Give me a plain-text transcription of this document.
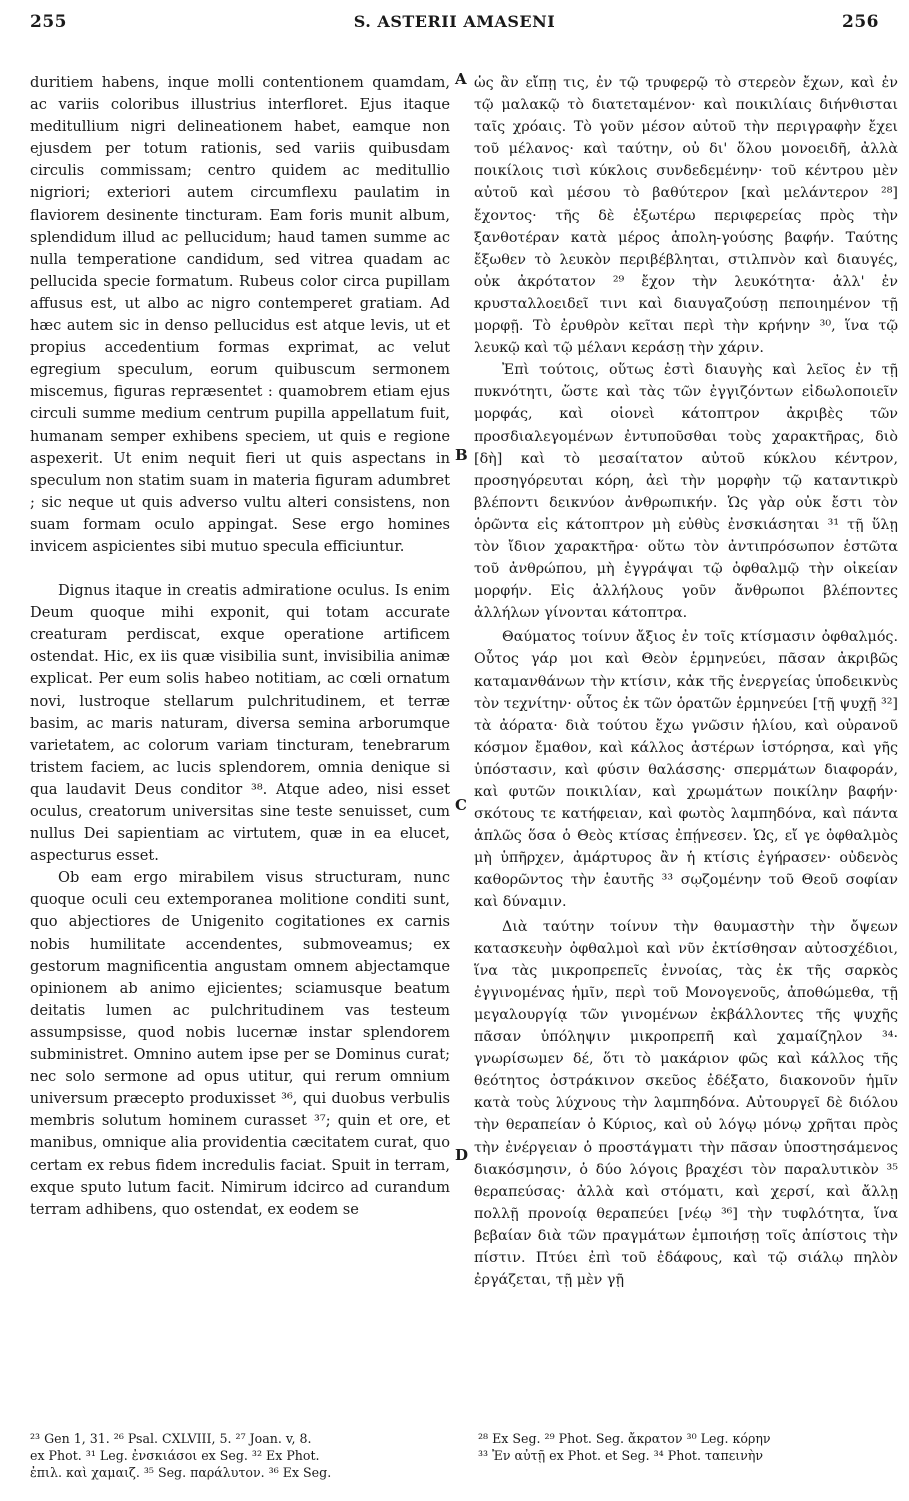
255	S. ASTERII AMASENI	256
A
B
C
D

duritiem habens, inque molli contentionem quamdam, ac variis coloribus illustrius interfloret. Ejus itaque meditullium nigri delineationem habet, eamque non ejusdem per totum rationis, sed variis quibusdam circulis commissam; centro quidem ac meditullio nigriori; exteriori autem circumflexu paulatim in flaviorem desinente tincturam. Eam foris munit album, splendidum illud ac pellucidum; haud tamen summe ac nulla temperatione candidum, sed vitrea quadam ac pellucida specie formatum. Rubeus color circa pupillam affusus est, ut albo ac nigro contemperet gratiam. Ad hæc autem sic in denso pellucidus est atque levis, ut et propius accedentium formas exprimat, ac velut egregium speculum, eorum quibuscum sermonem miscemus, figuras repræsentet : quamobrem etiam ejus circuli summe medium centrum pupilla appellatum fuit, humanam semper exhibens speciem, ut quis e regione aspexerit. Ut enim nequit fieri ut quis aspectans in speculum non statim suam in materia figuram adumbret ; sic neque ut quis adverso vultu alteri consistens, non suam formam oculo appingat. Sese ergo homines invicem aspicientes sibi mutuo specula efficiuntur.

Dignus itaque in creatis admiratione oculus. Is enim Deum quoque mihi exponit, qui totam accurate creaturam perdiscat, exque operatione artificem ostendat. Hic, ex iis quæ visibilia sunt, invisibilia animæ explicat. Per eum solis habeo notitiam, ac cœli ornatum novi, lustroque stellarum pulchritudinem, et terræ basim, ac maris naturam, diversa semina arborumque varietatem, ac colorum variam tincturam, tenebrarum tristem faciem, ac lucis splendorem, omnia denique si qua laudavit Deus conditor ³⁸. Atque adeo, nisi esset oculus, creatorum universitas sine teste senuisset, cum nullus Dei sapientiam ac virtutem, quæ in ea elucet, aspecturus esset.

Ob eam ergo mirabilem visus structuram, nunc quoque oculi ceu extemporanea molitione conditi sunt, quo abjectiores de Unigenito cogitationes ex carnis nobis humilitate accendentes, submoveamus; ex gestorum magnificentia angustam omnem abjectamque opinionem ab animo ejicientes; sciamusque beatum deitatis lumen ac pulchritudinem vas testeum assumpsisse, quod nobis lucernæ instar splendorem subministret. Omnino autem ipse per se Dominus curat; nec solo sermone ad opus utitur, qui rerum omnium universum præcepto produxisset ³⁶, qui duobus verbulis membris solutum hominem curasset ³⁷; quin et ore, et manibus, omnique alia providentia cæcitatem curat, quo certam ex rebus fidem incredulis faciat. Spuit in terram, exque sputo lutum facit. Nimirum idcirco ad curandum terram adhibens, quo ostendat, ex eodem se

ὡς ἂν εἴπῃ τις, ἐν τῷ τρυφερῷ τὸ στερεὸν ἔχων, καὶ ἐν τῷ μαλακῷ τὸ διατεταμένον· καὶ ποικιλίαις διήνθισται ταῖς χρόαις. Τὸ γοῦν μέσον αὐτοῦ τὴν περιγραφὴν ἔχει τοῦ μέλανος· καὶ ταύτην, οὐ δι' ὅλου μονοειδῆ, ἀλλὰ ποικίλοις τισὶ κύκλοις συνδεδεμένην· τοῦ κέντρου μὲν αὐτοῦ καὶ μέσου τὸ βαθύτερον [καὶ μελάντερον ²⁸] ἔχοντος· τῆς δὲ ἐξωτέρω περιφερείας πρὸς τὴν ξανθοτέραν κατὰ μέρος ἀπολη‐γούσης βαφήν. Ταύτης ἔξωθεν τὸ λευκὸν περιβέβληται, στιλπνὸν καὶ διαυγές, οὐκ ἀκρότατον ²⁹ ἔχον τὴν λευκότητα· ἀλλ' ἐν κρυσταλλοειδεῖ τινι καὶ διαυγαζούσῃ πεποιημένον τῇ μορφῇ. Τὸ ἐρυθρὸν κεῖται περὶ τὴν κρήνην ³⁰, ἵνα τῷ λευκῷ καὶ τῷ μέλανι κεράσῃ τὴν χάριν.

Ἐπὶ τούτοις, οὕτως ἐστὶ διαυγὴς καὶ λεῖος ἐν τῇ πυκνότητι, ὥστε καὶ τὰς τῶν ἐγγιζόντων εἰδωλοποιεῖν μορφάς, καὶ οἱονεὶ κάτοπτρον ἀκριβὲς τῶν προσδιαλεγομένων ἐντυποῦσθαι τοὺς χαρακτῆρας, διὸ [δὴ] καὶ τὸ μεσαίτατον αὐτοῦ κύκλου κέντρον, προσηγόρευται κόρη, ἀεὶ τὴν μορφὴν τῷ καταντικρὺ βλέποντι δεικνύον ἀνθρωπικήν. Ὡς γὰρ οὐκ ἔστι τὸν ὁρῶντα εἰς κάτοπτρον μὴ εὐθὺς ἐνσκιάσηται ³¹ τῇ ὕλῃ τὸν ἴδιον χαρακτῆρα· οὕτω τὸν ἀντιπρόσωπον ἑστῶτα τοῦ ἀνθρώπου, μὴ ἐγγράψαι τῷ ὀφθαλμῷ τὴν οἰκείαν μορφήν. Εἰς ἀλλήλους γοῦν ἄνθρωποι βλέποντες ἀλλήλων γίνονται κάτοπτρα.

Θαύματος τοίνυν ἄξιος ἐν τοῖς κτίσμασιν ὀφθαλμός. Οὗτος γάρ μοι καὶ Θεὸν ἑρμηνεύει, πᾶσαν ἀκριβῶς καταμανθάνων τὴν κτίσιν, κἀκ τῆς ἐνεργείας ὑποδεικνὺς τὸν τεχνίτην· οὗτος ἐκ τῶν ὁρατῶν ἑρμηνεύει [τῇ ψυχῇ ³²] τὰ ἀόρατα· διὰ τούτου ἔχω γνῶσιν ἡλίου, καὶ οὐρανοῦ κόσμον ἔμαθον, καὶ κάλλος ἀστέρων ἱστόρησα, καὶ γῆς ὑπόστασιν, καὶ φύσιν θαλάσσης· σπερμάτων διαφοράν, καὶ φυτῶν ποικιλίαν, καὶ χρωμάτων ποικίλην βαφήν· σκότους τε κατήφειαν, καὶ φωτὸς λαμπηδόνα, καὶ πάντα ἁπλῶς ὅσα ὁ Θεὸς κτίσας ἐπῄνεσεν. Ὡς, εἴ γε ὀφθαλμὸς μὴ ὑπῆρχεν, ἀμάρτυρος ἂν ἡ κτίσις ἐγήρασεν· οὐδενὸς καθορῶντος τὴν ἑαυτῆς ³³ σῳζομένην τοῦ Θεοῦ σοφίαν καὶ δύναμιν.

Διὰ ταύτην τοίνυν τὴν θαυμαστὴν τὴν ὄψεων κατασκευὴν ὀφθαλμοὶ καὶ νῦν ἐκτίσθησαν αὐτοσχέδιοι, ἵνα τὰς μικροπρεπεῖς ἐννοίας, τὰς ἐκ τῆς σαρκὸς ἐγγινομένας ἡμῖν, περὶ τοῦ Μονογενοῦς, ἀποθώμεθα, τῇ μεγαλουργίᾳ τῶν γινομένων ἐκβάλλοντες τῆς ψυχῆς πᾶσαν ὑπόληψιν μικροπρεπῆ καὶ χαμαίζηλον ³⁴· γνωρίσωμεν δέ, ὅτι τὸ μακάριον φῶς καὶ κάλλος τῆς θεότητος ὀστράκινον σκεῦος ἐδέξατο, διακονοῦν ἡμῖν κατὰ τοὺς λύχνους τὴν λαμπηδόνα. Αὐτουργεῖ δὲ διόλου τὴν θεραπείαν ὁ Κύριος, καὶ οὐ λόγῳ μόνῳ χρῆται πρὸς τὴν ἐνέργειαν ὁ προστάγματι τὴν πᾶσαν ὑποστησάμενος διακόσμησιν, ὁ δύο λόγοις βραχέσι τὸν παραλυτικὸν ³⁵ θεραπεύσας· ἀλλὰ καὶ στόματι, καὶ χερσί, καὶ ἄλλῃ πολλῇ προνοίᾳ θεραπεύει [νέῳ ³⁶] τὴν τυφλότητα, ἵνα βεβαίαν διὰ τῶν πραγμάτων ἐμποιήσῃ τοῖς ἀπίστοις τὴν πίστιν. Πτύει ἐπὶ τοῦ ἐδάφους, καὶ τῷ σιάλῳ πηλὸν ἐργάζεται, τῇ μὲν γῇ

²³ Gen 1, 31. ²⁶ Psal. CXLVIII, 5. ²⁷ Joan. v, 8.
ex Phot. ³¹ Leg. ἐνσκιάσοι ex Seg. ³² Ex Phot.
ἐπιλ. καὶ χαμαιζ. ³⁵ Seg. παράλυτον. ³⁶ Ex Seg.
²⁸ Ex Seg. ²⁹ Phot. Seg. ἄκρατον ³⁰ Leg. κόρην
³³ Ἐν αὐτῇ ex Phot. et Seg. ³⁴ Phot. ταπεινὴν
